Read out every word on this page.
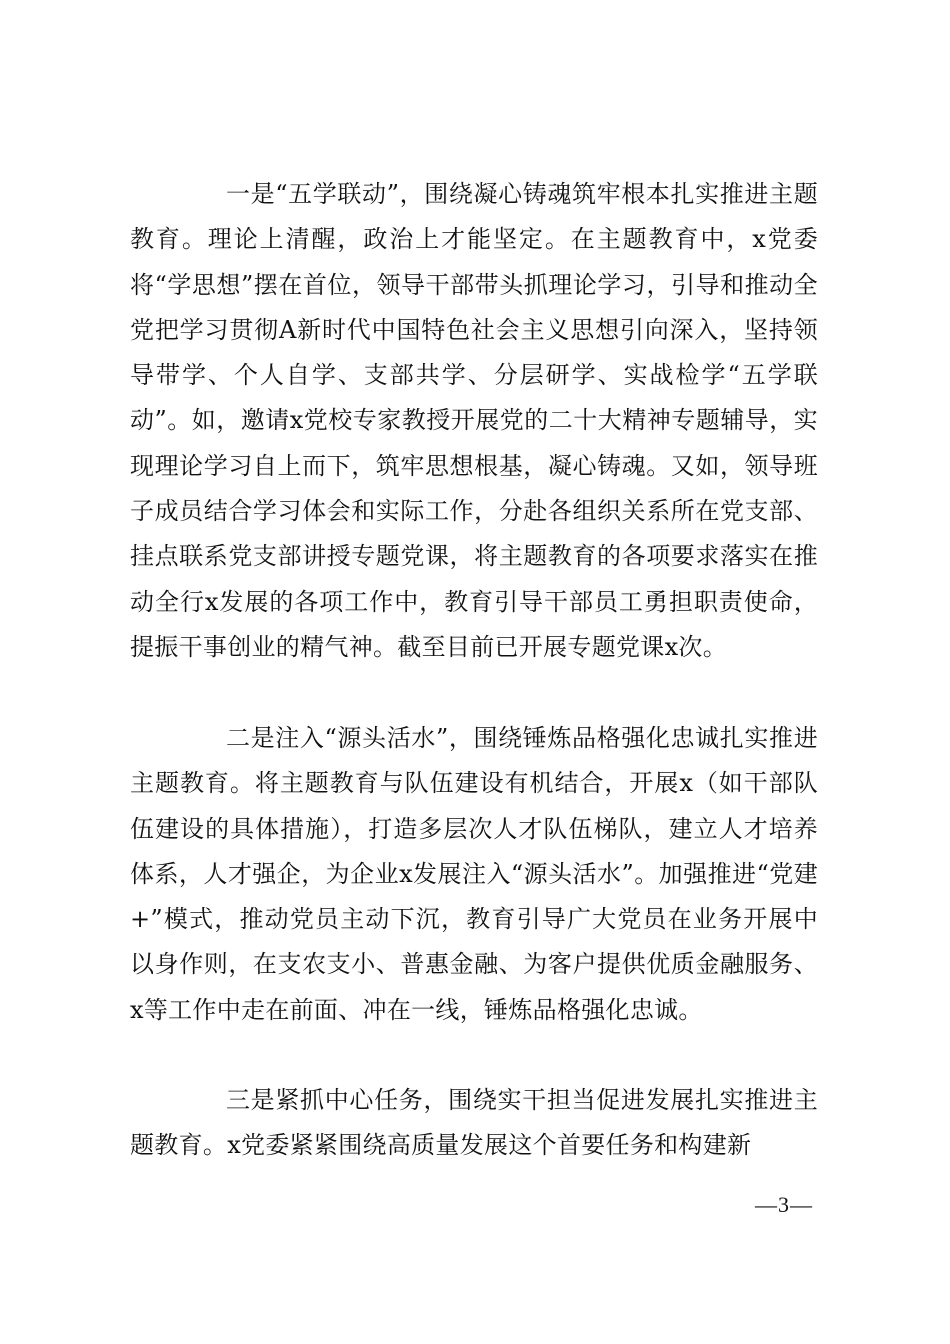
一是“五学联动”，围绕凝心铸魂筑牢根本扎实推进主题教育。理论上清醒，政治上才能坚定。在主题教育中，x党委将“学思想”摆在首位，领导干部带头抓理论学习，引导和推动全党把学习贯彻A新时代中国特色社会主义思想引向深入，坚持领导带学、个人自学、支部共学、分层研学、实战检学“五学联动”。如，邀请x党校专家教授开展党的二十大精神专题辅导，实现理论学习自上而下，筑牢思想根基，凝心铸魂。又如，领导班子成员结合学习体会和实际工作，分赴各组织关系所在党支部、挂点联系党支部讲授专题党课，将主题教育的各项要求落实在推动全行x发展的各项工作中，教育引导干部员工勇担职责使命，提振干事创业的精气神。截至目前已开展专题党课x次。

二是注入“源头活水”，围绕锤炼品格强化忠诚扎实推进主题教育。将主题教育与队伍建设有机结合，开展x（如干部队伍建设的具体措施），打造多层次人才队伍梯队，建立人才培养体系，人才强企，为企业x发展注入“源头活水”。加强推进“党建+”模式，推动党员主动下沉，教育引导广大党员在业务开展中以身作则，在支农支小、普惠金融、为客户提供优质金融服务、x等工作中走在前面、冲在一线，锤炼品格强化忠诚。

三是紧抓中心任务，围绕实干担当促进发展扎实推进主题教育。x党委紧紧围绕高质量发展这个首要任务和构建新

—3—
